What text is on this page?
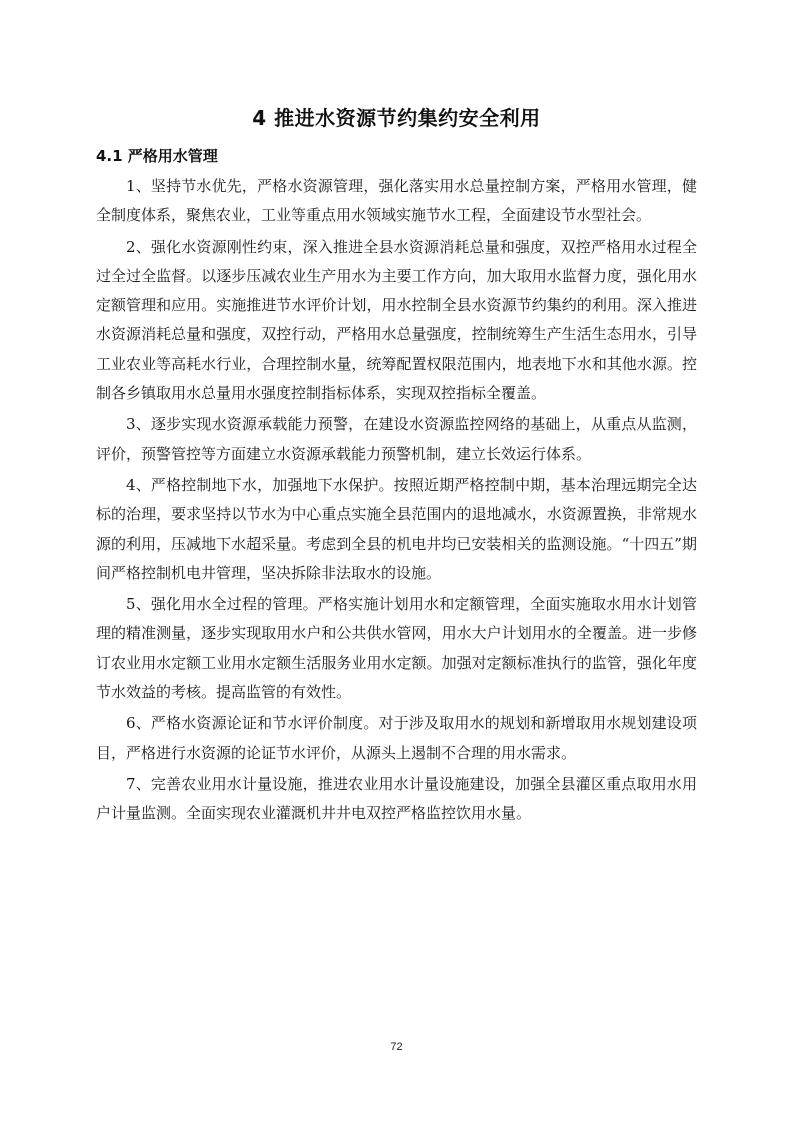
4 推进水资源节约集约安全利用
4.1 严格用水管理

1、坚持节水优先，严格水资源管理，强化落实用水总量控制方案，严格用水管理，健全制度体系，聚焦农业，工业等重点用水领域实施节水工程，全面建设节水型社会。

2、强化水资源刚性约束，深入推进全县水资源消耗总量和强度，双控严格用水过程全过全过全监督。以逐步压减农业生产用水为主要工作方向，加大取用水监督力度，强化用水定额管理和应用。实施推进节水评价计划，用水控制全县水资源节约集约的利用。深入推进水资源消耗总量和强度，双控行动，严格用水总量强度，控制统筹生产生活生态用水，引导工业农业等高耗水行业，合理控制水量，统筹配置权限范围内，地表地下水和其他水源。控制各乡镇取用水总量用水强度控制指标体系，实现双控指标全覆盖。

3、逐步实现水资源承载能力预警，在建设水资源监控网络的基础上，从重点从监测，评价，预警管控等方面建立水资源承载能力预警机制，建立长效运行体系。

4、严格控制地下水，加强地下水保护。按照近期严格控制中期，基本治理远期完全达标的治理，要求坚持以节水为中心重点实施全县范围内的退地减水，水资源置换，非常规水源的利用，压减地下水超采量。考虑到全县的机电井均已安装相关的监测设施。“十四五”期间严格控制机电井管理，坚决拆除非法取水的设施。

5、强化用水全过程的管理。严格实施计划用水和定额管理，全面实施取水用水计划管理的精准测量，逐步实现取用水户和公共供水管网，用水大户计划用水的全覆盖。进一步修订农业用水定额工业用水定额生活服务业用水定额。加强对定额标准执行的监管，强化年度节水效益的考核。提高监管的有效性。

6、严格水资源论证和节水评价制度。对于涉及取用水的规划和新增取用水规划建设项目，严格进行水资源的论证节水评价，从源头上遏制不合理的用水需求。

7、完善农业用水计量设施，推进农业用水计量设施建设，加强全县灌区重点取用水用户计量监测。全面实现农业灌溉机井井电双控严格监控饮用水量。

72
